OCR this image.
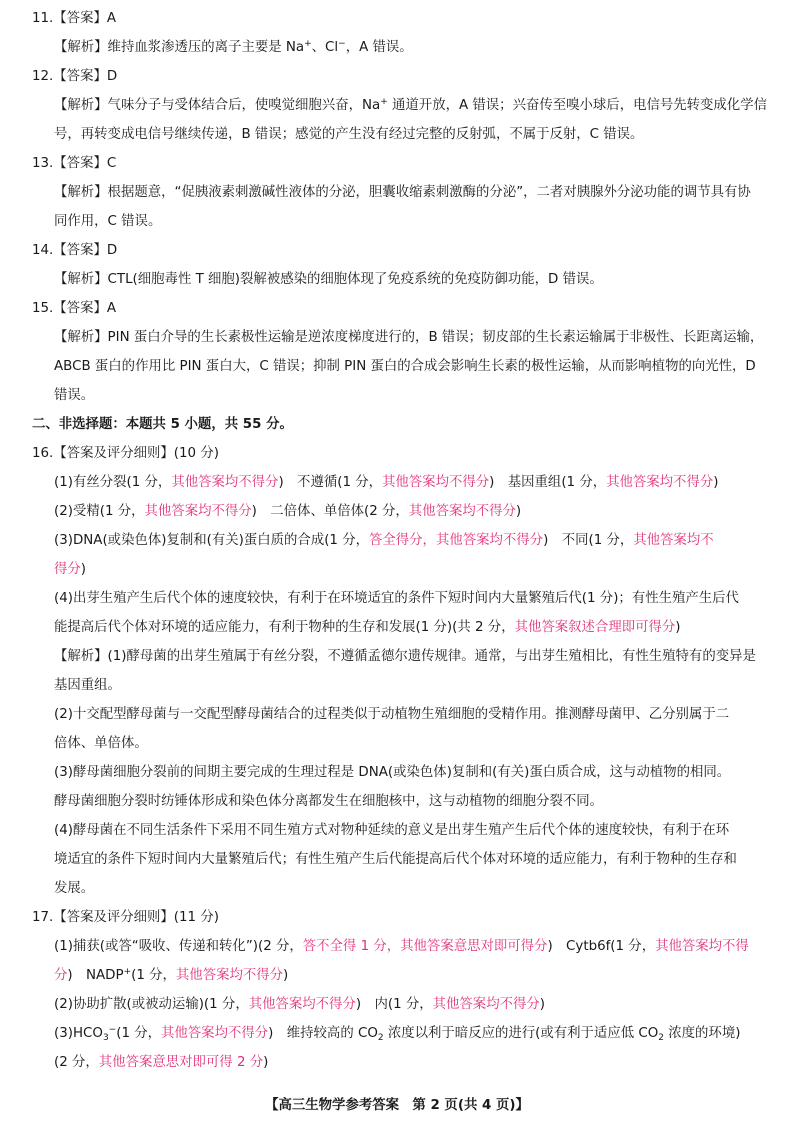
11.【答案】A

【解析】维持血浆渗透压的离子主要是 Na+、Cl−，A 错误。

12.【答案】D

【解析】气味分子与受体结合后，使嗅觉细胞兴奋，Na+ 通道开放，A 错误；兴奋传至嗅小球后，电信号先转变成化学信

号，再转变成电信号继续传递，B 错误；感觉的产生没有经过完整的反射弧，不属于反射，C 错误。

13.【答案】C

【解析】根据题意，“促胰液素刺激碱性液体的分泌，胆囊收缩素刺激酶的分泌”，二者对胰腺外分泌功能的调节具有协

同作用，C 错误。

14.【答案】D

【解析】CTL(细胞毒性 T 细胞)裂解被感染的细胞体现了免疫系统的免疫防御功能，D 错误。

15.【答案】A

【解析】PIN 蛋白介导的生长素极性运输是逆浓度梯度进行的，B 错误；韧皮部的生长素运输属于非极性、长距离运输，

ABCB 蛋白的作用比 PIN 蛋白大，C 错误；抑制 PIN 蛋白的合成会影响生长素的极性运输，从而影响植物的向光性，D

错误。

二、非选择题：本题共 5 小题，共 55 分。

16.【答案及评分细则】(10 分)

(1)有丝分裂(1 分，其他答案均不得分)　不遵循(1 分，其他答案均不得分)　基因重组(1 分，其他答案均不得分)

(2)受精(1 分，其他答案均不得分)　二倍体、单倍体(2 分，其他答案均不得分)

(3)DNA(或染色体)复制和(有关)蛋白质的合成(1 分，答全得分，其他答案均不得分)　不同(1 分，其他答案均不

得分)

(4)出芽生殖产生后代个体的速度较快，有利于在环境适宜的条件下短时间内大量繁殖后代(1 分)；有性生殖产生后代

能提高后代个体对环境的适应能力，有利于物种的生存和发展(1 分)(共 2 分，其他答案叙述合理即可得分)

【解析】(1)酵母菌的出芽生殖属于有丝分裂，不遵循孟德尔遗传规律。通常，与出芽生殖相比，有性生殖特有的变异是

基因重组。

(2)十交配型酵母菌与一交配型酵母菌结合的过程类似于动植物生殖细胞的受精作用。推测酵母菌甲、乙分别属于二

倍体、单倍体。

(3)酵母菌细胞分裂前的间期主要完成的生理过程是 DNA(或染色体)复制和(有关)蛋白质合成，这与动植物的相同。

酵母菌细胞分裂时纺锤体形成和染色体分离都发生在细胞核中，这与动植物的细胞分裂不同。

(4)酵母菌在不同生活条件下采用不同生殖方式对物种延续的意义是出芽生殖产生后代个体的速度较快，有利于在环

境适宜的条件下短时间内大量繁殖后代；有性生殖产生后代能提高后代个体对环境的适应能力，有利于物种的生存和

发展。

17.【答案及评分细则】(11 分)

(1)捕获(或答“吸收、传递和转化”)(2 分，答不全得 1 分，其他答案意思对即可得分)　Cytb6f(1 分，其他答案均不得

分)　NADP+(1 分，其他答案均不得分)

(2)协助扩散(或被动运输)(1 分，其他答案均不得分)　内(1 分，其他答案均不得分)

$(3)HCO_3^-(1$ 分，其他答案均不得分)　维持较高的 $CO_2$ 浓度以利于暗反应的进行(或有利于适应低 $CO_2$ 浓度的环境)

(2 分，其他答案意思对即可得 2 分)

【高三生物学参考答案　第 2 页(共 4 页)】
